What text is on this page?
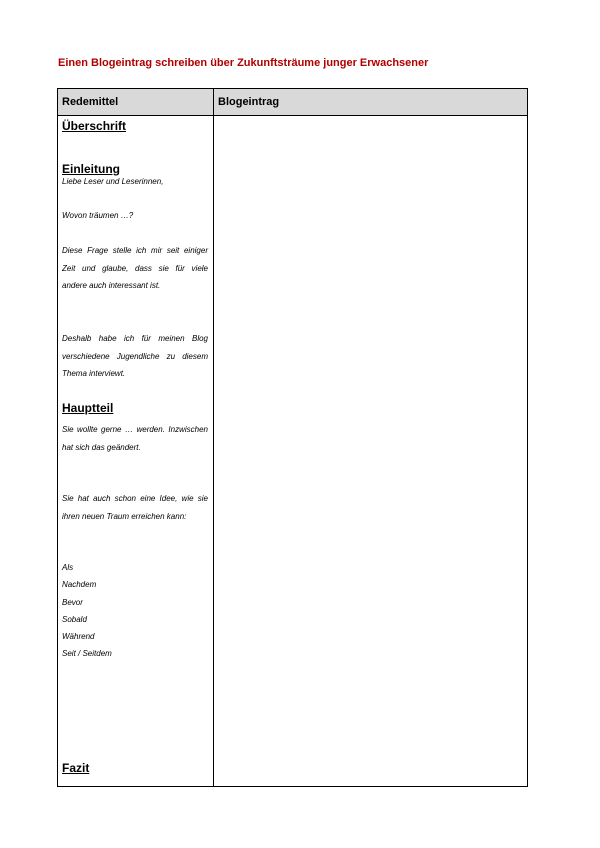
Einen Blogeintrag schreiben über Zukunftsträume junger Erwachsener
Redemittel	Blogeintrag
Überschrift
Einleitung
Liebe Leser und Leserinnen,
Wovon träumen …?
Diese Frage stelle ich mir seit einiger Zeit und glaube, dass sie für viele andere auch interessant ist.
Deshalb habe ich für meinen Blog verschiedene Jugendliche zu diesem Thema interviewt.
Hauptteil
Sie wollte gerne … werden. Inzwischen hat sich das geändert.
Sie hat auch schon eine Idee, wie sie ihren neuen Traum erreichen kann:
Als
Nachdem
Bevor
Sobald
Während
Seit / Seitdem
Fazit
